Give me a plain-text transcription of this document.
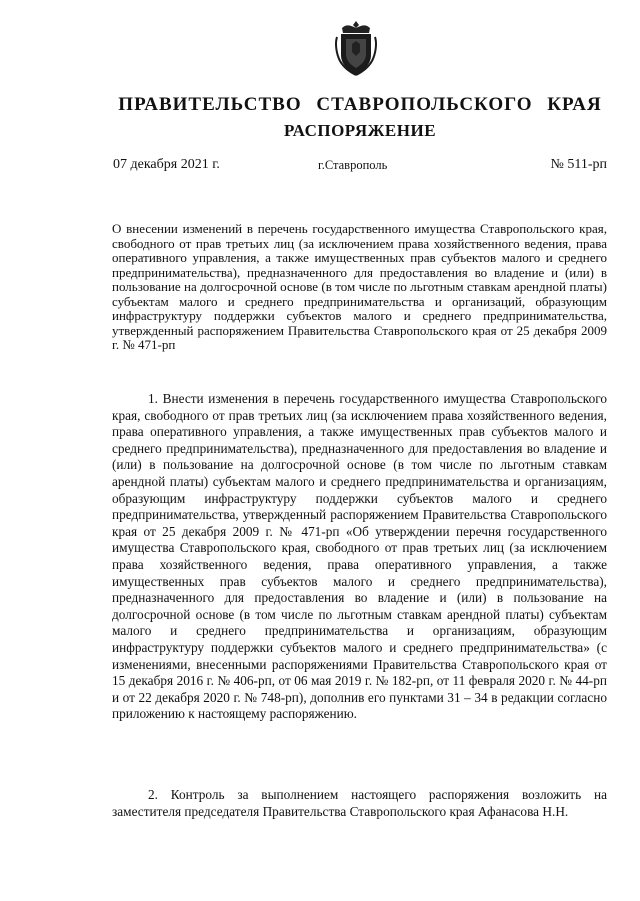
ПРАВИТЕЛЬСТВО СТАВРОПОЛЬСКОГО КРАЯ
РАСПОРЯЖЕНИЕ
07 декабря 2021 г.	г.Ставрополь	№ 511-рп

О внесении изменений в перечень государственного имущества Ставропольского края, свободного от прав третьих лиц (за исключением права хозяйственного ведения, права оперативного управления, а также имущественных прав субъектов малого и среднего предпринимательства), предназначенного для предоставления во владение и (или) в пользование на долгосрочной основе (в том числе по льготным ставкам арендной платы) субъектам малого и среднего предпринимательства и организаций, образующим инфраструктуру поддержки субъектов малого и среднего предпринимательства, утвержденный распоряжением Правительства Ставропольского края от 25 декабря 2009 г. № 471-рп

1. Внести изменения в перечень государственного имущества Ставропольского края, свободного от прав третьих лиц (за исключением права хозяйственного ведения, права оперативного управления, а также имущественных прав субъектов малого и среднего предпринимательства), предназначенного для предоставления во владение и (или) в пользование на долгосрочной основе (в том числе по льготным ставкам арендной платы) субъектам малого и среднего предпринимательства и организациям, образующим инфраструктуру поддержки субъектов малого и среднего предпринимательства, утвержденный распоряжением Правительства Ставропольского края от 25 декабря 2009 г. № 471-рп «Об утверждении перечня государственного имущества Ставропольского края, свободного от прав третьих лиц (за исключением права хозяйственного ведения, права оперативного управления, а также имущественных прав субъектов малого и среднего предпринимательства), предназначенного для предоставления во владение и (или) в пользование на долгосрочной основе (в том числе по льготным ставкам арендной платы) субъектам малого и среднего предпринимательства и организациям, образующим инфраструктуру поддержки субъектов малого и среднего предпринимательства» (с изменениями, внесенными распоряжениями Правительства Ставропольского края от 15 декабря 2016 г. № 406-рп, от 06 мая 2019 г. № 182-рп, от 11 февраля 2020 г. № 44-рп и от 22 декабря 2020 г. № 748-рп), дополнив его пунктами 31 – 34 в редакции согласно приложению к настоящему распоряжению.

2. Контроль за выполнением настоящего распоряжения возложить на заместителя председателя Правительства Ставропольского края Афанасова Н.Н.
